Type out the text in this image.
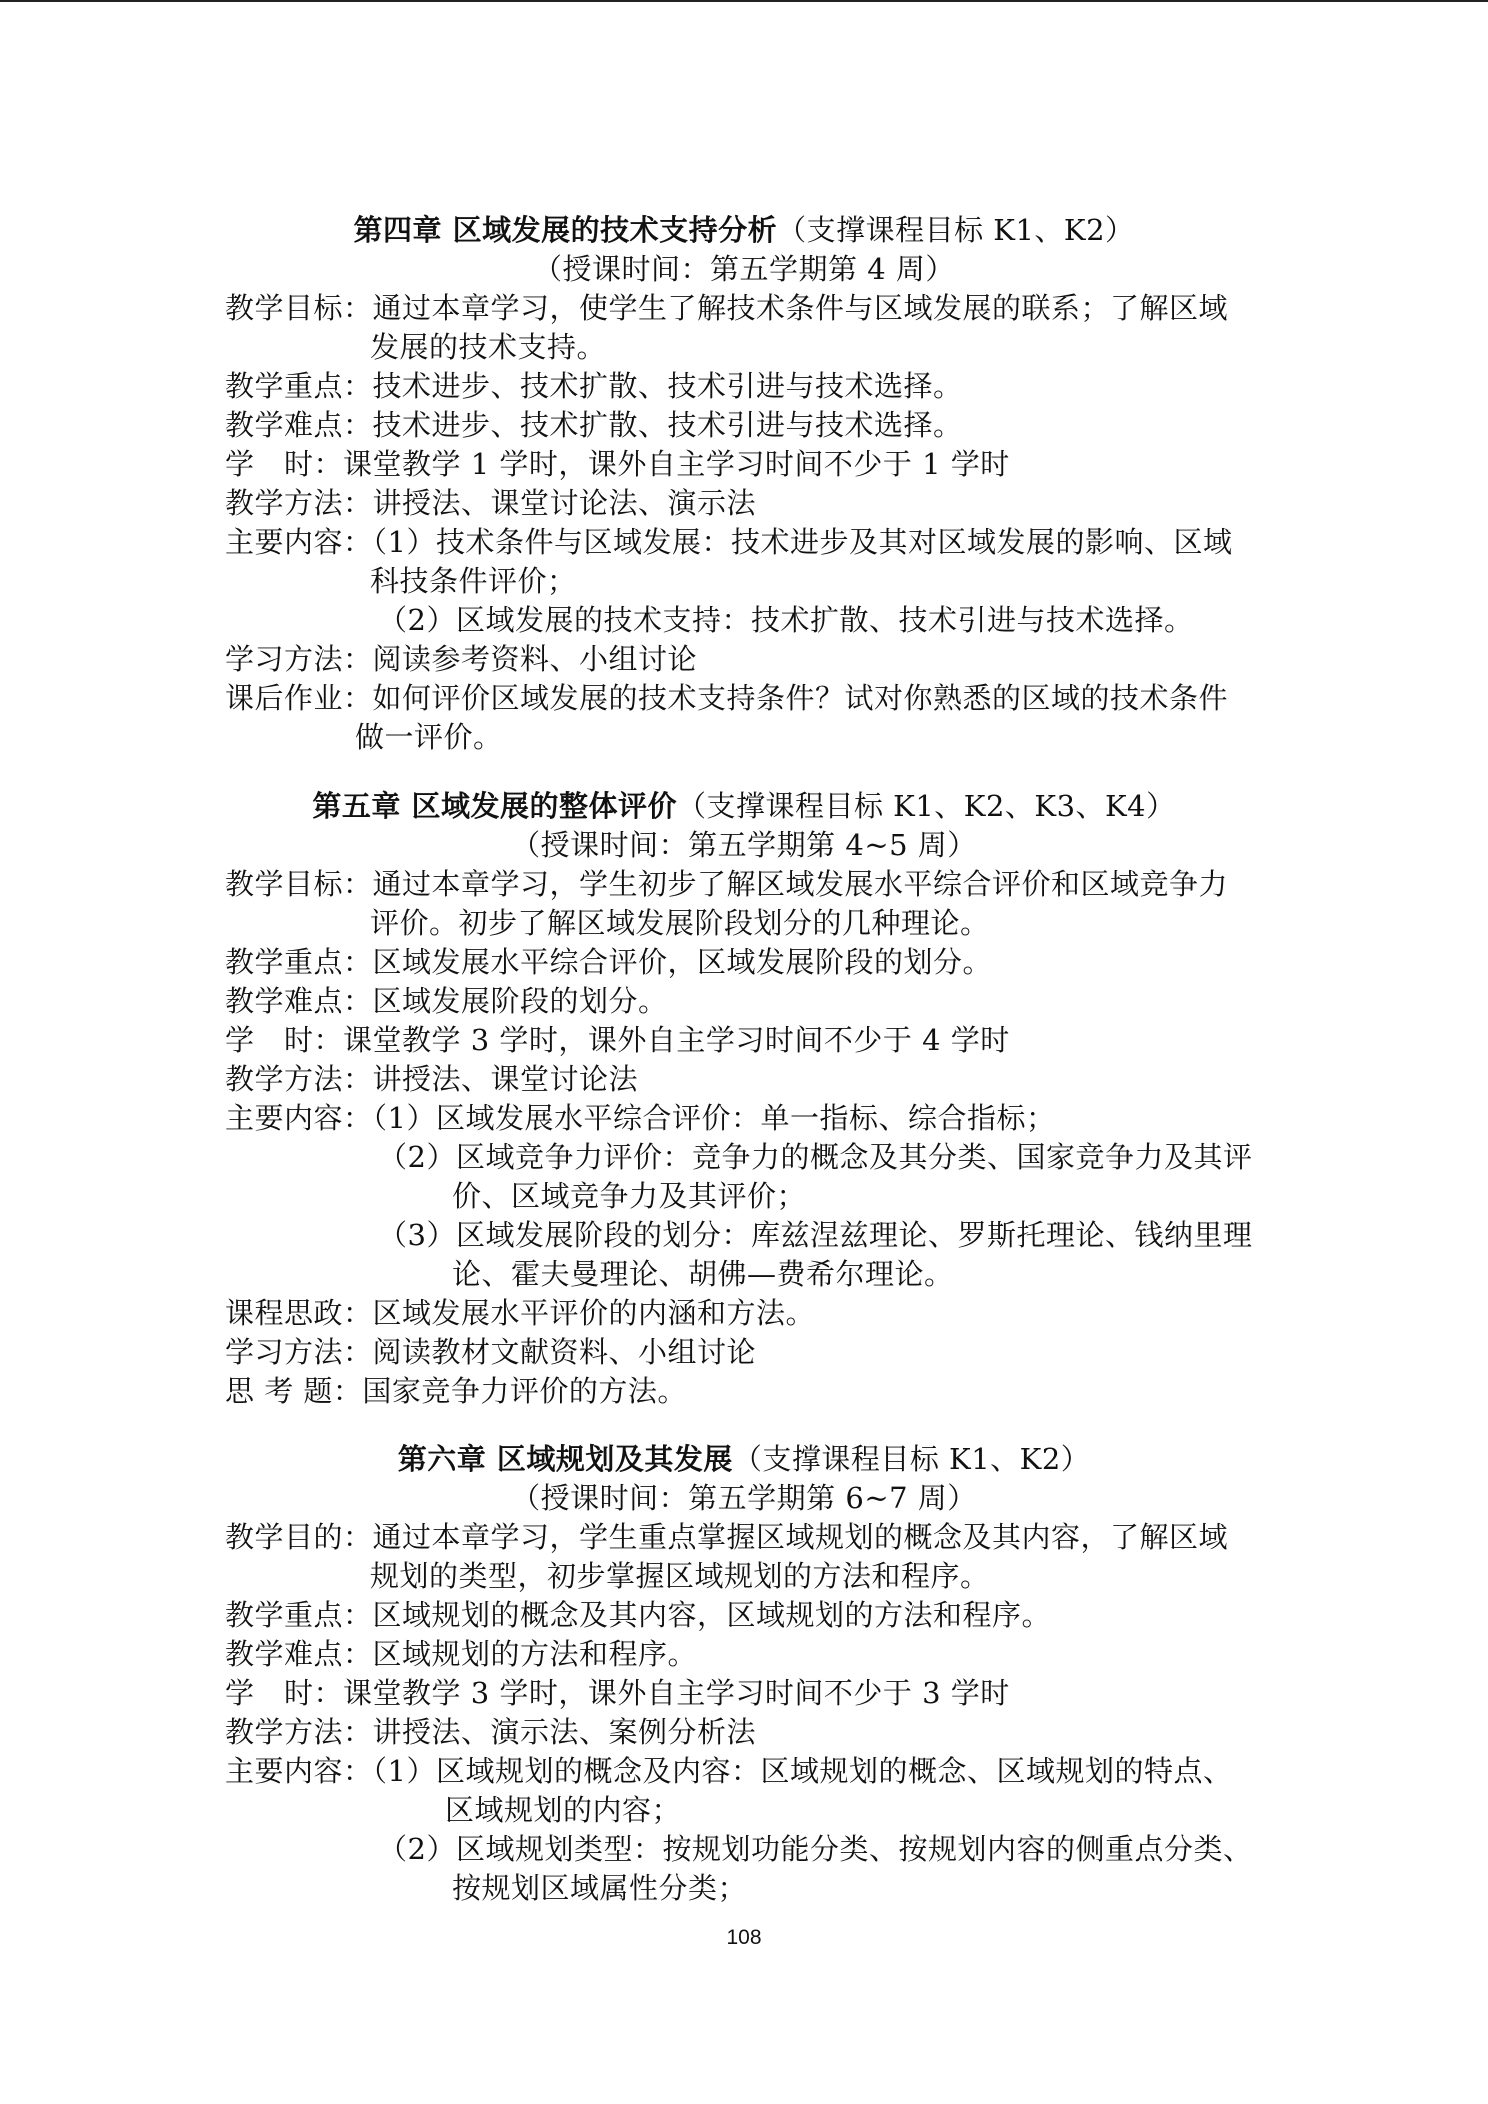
第四章 区域发展的技术支持分析（支撑课程目标 K1、K2）
（授课时间：第五学期第 4 周）
教学目标：通过本章学习，使学生了解技术条件与区域发展的联系；了解区域
发展的技术支持。
教学重点：技术进步、技术扩散、技术引进与技术选择。
教学难点：技术进步、技术扩散、技术引进与技术选择。
学　时：课堂教学 1 学时，课外自主学习时间不少于 1 学时
教学方法：讲授法、课堂讨论法、演示法
主要内容：（1）技术条件与区域发展：技术进步及其对区域发展的影响、区域
科技条件评价；
（2）区域发展的技术支持：技术扩散、技术引进与技术选择。
学习方法：阅读参考资料、小组讨论
课后作业：如何评价区域发展的技术支持条件？试对你熟悉的区域的技术条件
做一评价。
第五章 区域发展的整体评价（支撑课程目标 K1、K2、K3、K4）
（授课时间：第五学期第 4~5 周）
教学目标：通过本章学习，学生初步了解区域发展水平综合评价和区域竞争力
评价。初步了解区域发展阶段划分的几种理论。
教学重点：区域发展水平综合评价，区域发展阶段的划分。
教学难点：区域发展阶段的划分。
学　时：课堂教学 3 学时，课外自主学习时间不少于 4 学时
教学方法：讲授法、课堂讨论法
主要内容：（1）区域发展水平综合评价：单一指标、综合指标；
（2）区域竞争力评价：竞争力的概念及其分类、国家竞争力及其评
价、区域竞争力及其评价；
（3）区域发展阶段的划分：库兹涅兹理论、罗斯托理论、钱纳里理
论、霍夫曼理论、胡佛—费希尔理论。
课程思政：区域发展水平评价的内涵和方法。
学习方法：阅读教材文献资料、小组讨论
思 考 题：国家竞争力评价的方法。
第六章 区域规划及其发展（支撑课程目标 K1、K2）
（授课时间：第五学期第 6~7 周）
教学目的：通过本章学习，学生重点掌握区域规划的概念及其内容，了解区域
规划的类型，初步掌握区域规划的方法和程序。
教学重点：区域规划的概念及其内容，区域规划的方法和程序。
教学难点：区域规划的方法和程序。
学　时：课堂教学 3 学时，课外自主学习时间不少于 3 学时
教学方法：讲授法、演示法、案例分析法
主要内容：（1）区域规划的概念及内容：区域规划的概念、区域规划的特点、
区域规划的内容；
（2）区域规划类型：按规划功能分类、按规划内容的侧重点分类、
按规划区域属性分类；
108
